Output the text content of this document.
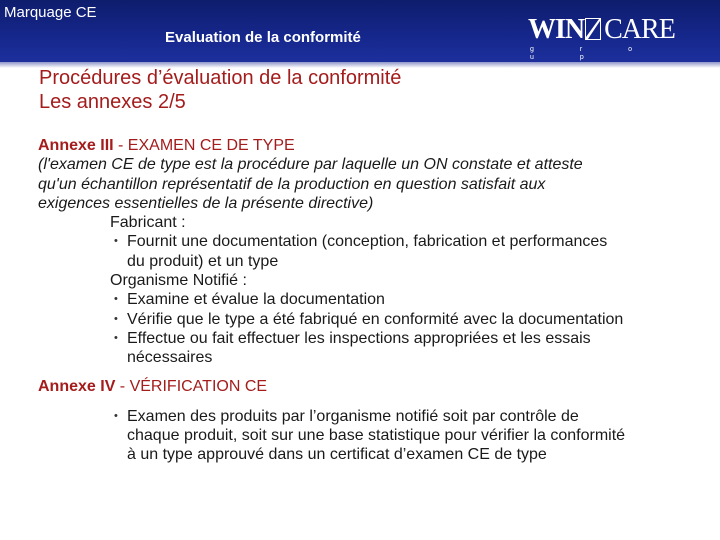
Marquage CE
Evaluation de la conformité	WIN CARE
g r o u p
Procédures d’évaluation de la conformité
Les annexes 2/5

Annexe III - EXAMEN CE DE TYPE

(l'examen CE de type est la procédure par laquelle un ON constate et atteste
qu'un échantillon représentatif de la production en question satisfait aux
exigences essentielles de la présente directive)

Fabricant :

• Fournit une documentation (conception, fabrication et performances
du produit) et un type

Organisme Notifié :

• Examine et évalue la documentation
• Vérifie que le type a été fabriqué en conformité avec la documentation
• Effectue ou fait effectuer les inspections appropriées et les essais
nécessaires

Annexe IV - VÉRIFICATION CE

• Examen des produits par l’organisme notifié soit par contrôle de
chaque produit, soit sur une base statistique pour vérifier la conformité
à un type approuvé dans un certificat d’examen CE de type
